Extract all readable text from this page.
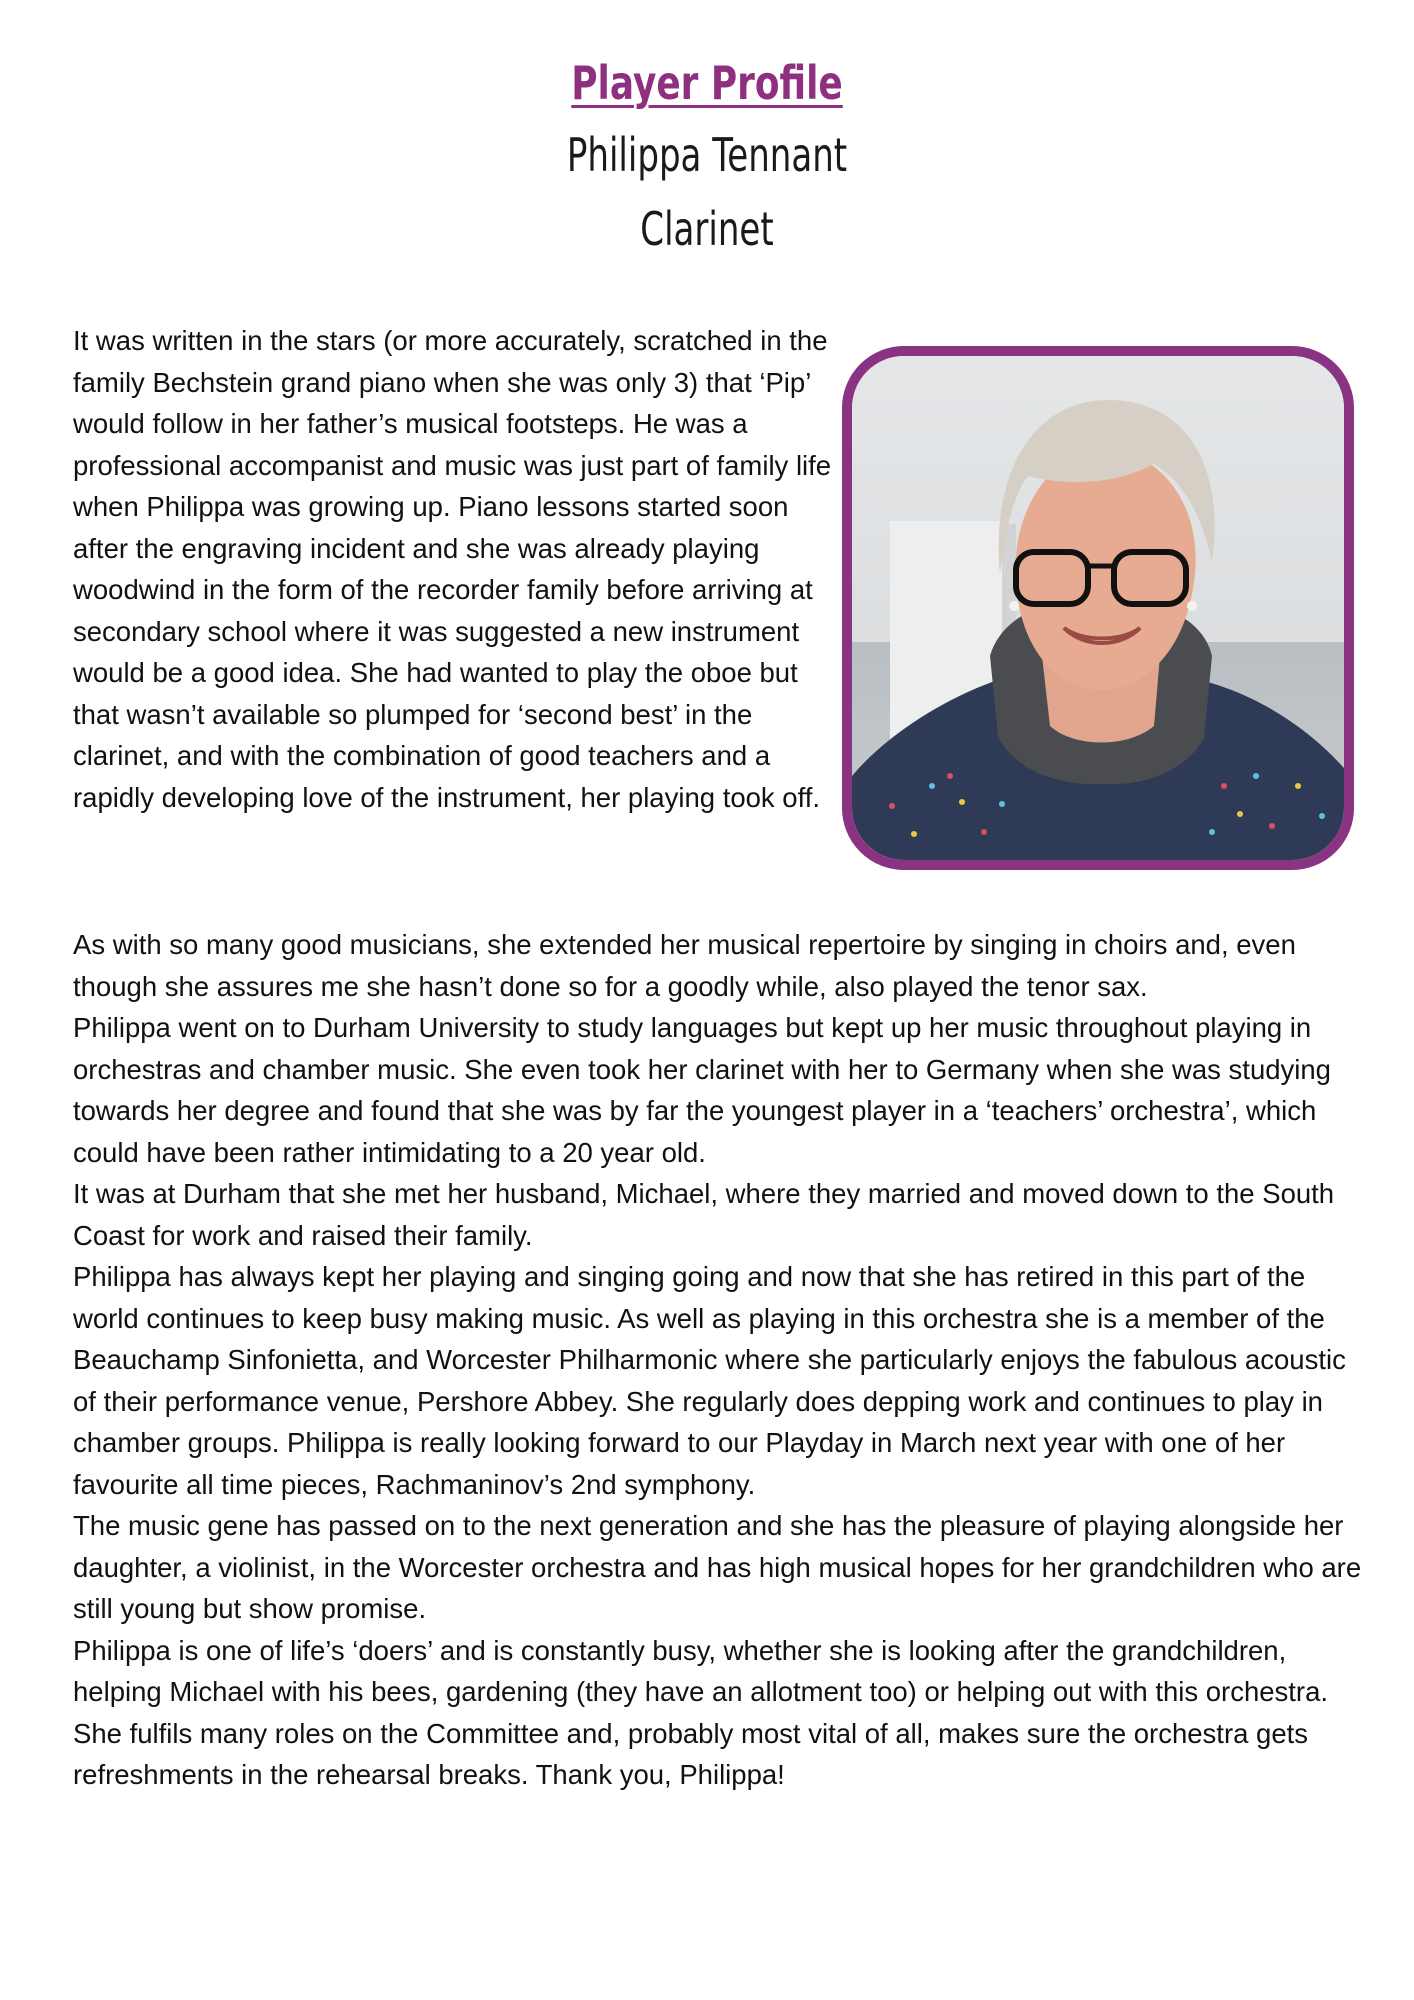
Player Profile
Philippa Tennant
Clarinet

It was written in the stars (or more accurately, scratched in the family Bechstein grand piano when she was only 3) that ‘Pip’ would follow in her father’s musical footsteps. He was a professional accompanist and music was just part of family life when Philippa was growing up. Piano lessons started soon after the engraving incident and she was already playing woodwind in the form of the recorder family before arriving at secondary school where it was suggested a new instrument would be a good idea. She had wanted to play the oboe but that wasn’t available so plumped for ‘second best’ in the clarinet, and with the combination of good teachers and a rapidly developing love of the instrument, her playing took off.

As with so many good musicians, she extended her musical repertoire by singing in choirs and, even though she assures me she hasn’t done so for a goodly while, also played the tenor sax.

Philippa went on to Durham University to study languages but kept up her music throughout playing in orchestras and chamber music. She even took her clarinet with her to Germany when she was studying towards her degree and found that she was by far the youngest player in a ‘teachers’ orchestra’, which could have been rather intimidating to a 20 year old.

It was at Durham that she met her husband, Michael, where they married and moved down to the South Coast for work and raised their family.

Philippa has always kept her playing and singing going and now that she has retired in this part of the world continues to keep busy making music. As well as playing in this orchestra she is a member of the Beauchamp Sinfonietta, and Worcester Philharmonic where she particularly enjoys the fabulous acoustic of their performance venue, Pershore Abbey. She regularly does depping work and continues to play in chamber groups. Philippa is really looking forward to our Playday in March next year with one of her favourite all time pieces, Rachmaninov’s 2nd symphony.

The music gene has passed on to the next generation and she has the pleasure of playing alongside her daughter, a violinist, in the Worcester orchestra and has high musical hopes for her grandchildren who are still young but show promise.

Philippa is one of life’s ‘doers’ and is constantly busy, whether she is looking after the grandchildren, helping Michael with his bees, gardening (they have an allotment too) or helping out with this orchestra. She fulfils many roles on the Committee and, probably most vital of all, makes sure the orchestra gets refreshments in the rehearsal breaks. Thank you, Philippa!
